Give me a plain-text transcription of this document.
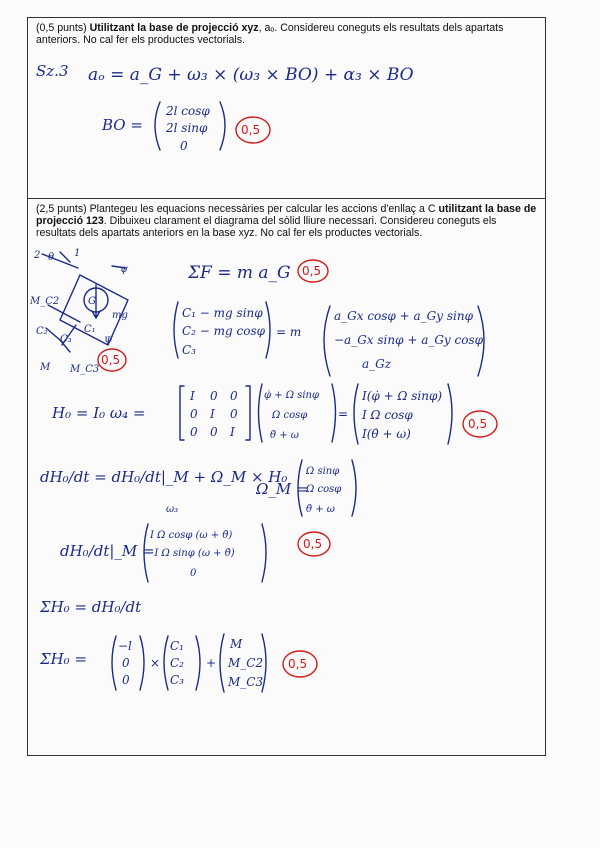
(0,5 punts) Utilitzant la base de projecció xyz, aₒ. Considereu coneguts els resultats dels apartats anteriors. No cal fer els productes vectorials.
(2,5 punts) Plantegeu les equacions necessàries per calcular les accions d'enllaç a C utilitzant la base de projecció 123. Dibuixeu clarament el diagrama del sòlid lliure necessari. Considereu coneguts els resultats dels apartats anteriors en la base xyz. No cal fer els productes vectorials.
Sz.3 aₒ = a_G + ω₃ × (ω₃ × BO) + α₃ × BO
BO =
2l cosφ
2l sinφ
0
0,5
2 θ 1
ψ
G
mg
M_C2
C₂	C₁
C₃
M M_C3
Ψ
0,5
ΣF = m a_G 0,5
C₁ − mg sinφ
C₂ − mg cosφ
C₃
= m
a_Gx cosφ + a_Gy sinφ
−a_Gx sinφ + a_Gy cosφ
a_Gz
H₀ = I₀ ω₄ =
I 0 0
0 I 0
0 0 I
φ̇ + Ω sinφ
Ω cosφ
θ̇ + ω
=
I(φ̇ + Ω sinφ)
I Ω cosφ
I(θ̇ + ω)
0,5
dH₀/dt = dH₀/dt|_M + Ω_M × H₀
ω₃
Ω_M =
Ω sinφ
Ω cosφ
θ̇ + ω
dH₀/dt|_M =
I Ω cosφ (ω + θ̇)
−I Ω sinφ (ω + θ̇)
0
0,5
ΣH₀ = dH₀/dt
ΣH₀ =
−l
0
0
×
C₁
C₂
C₃
+
M
M_C2
M_C3
0,5
